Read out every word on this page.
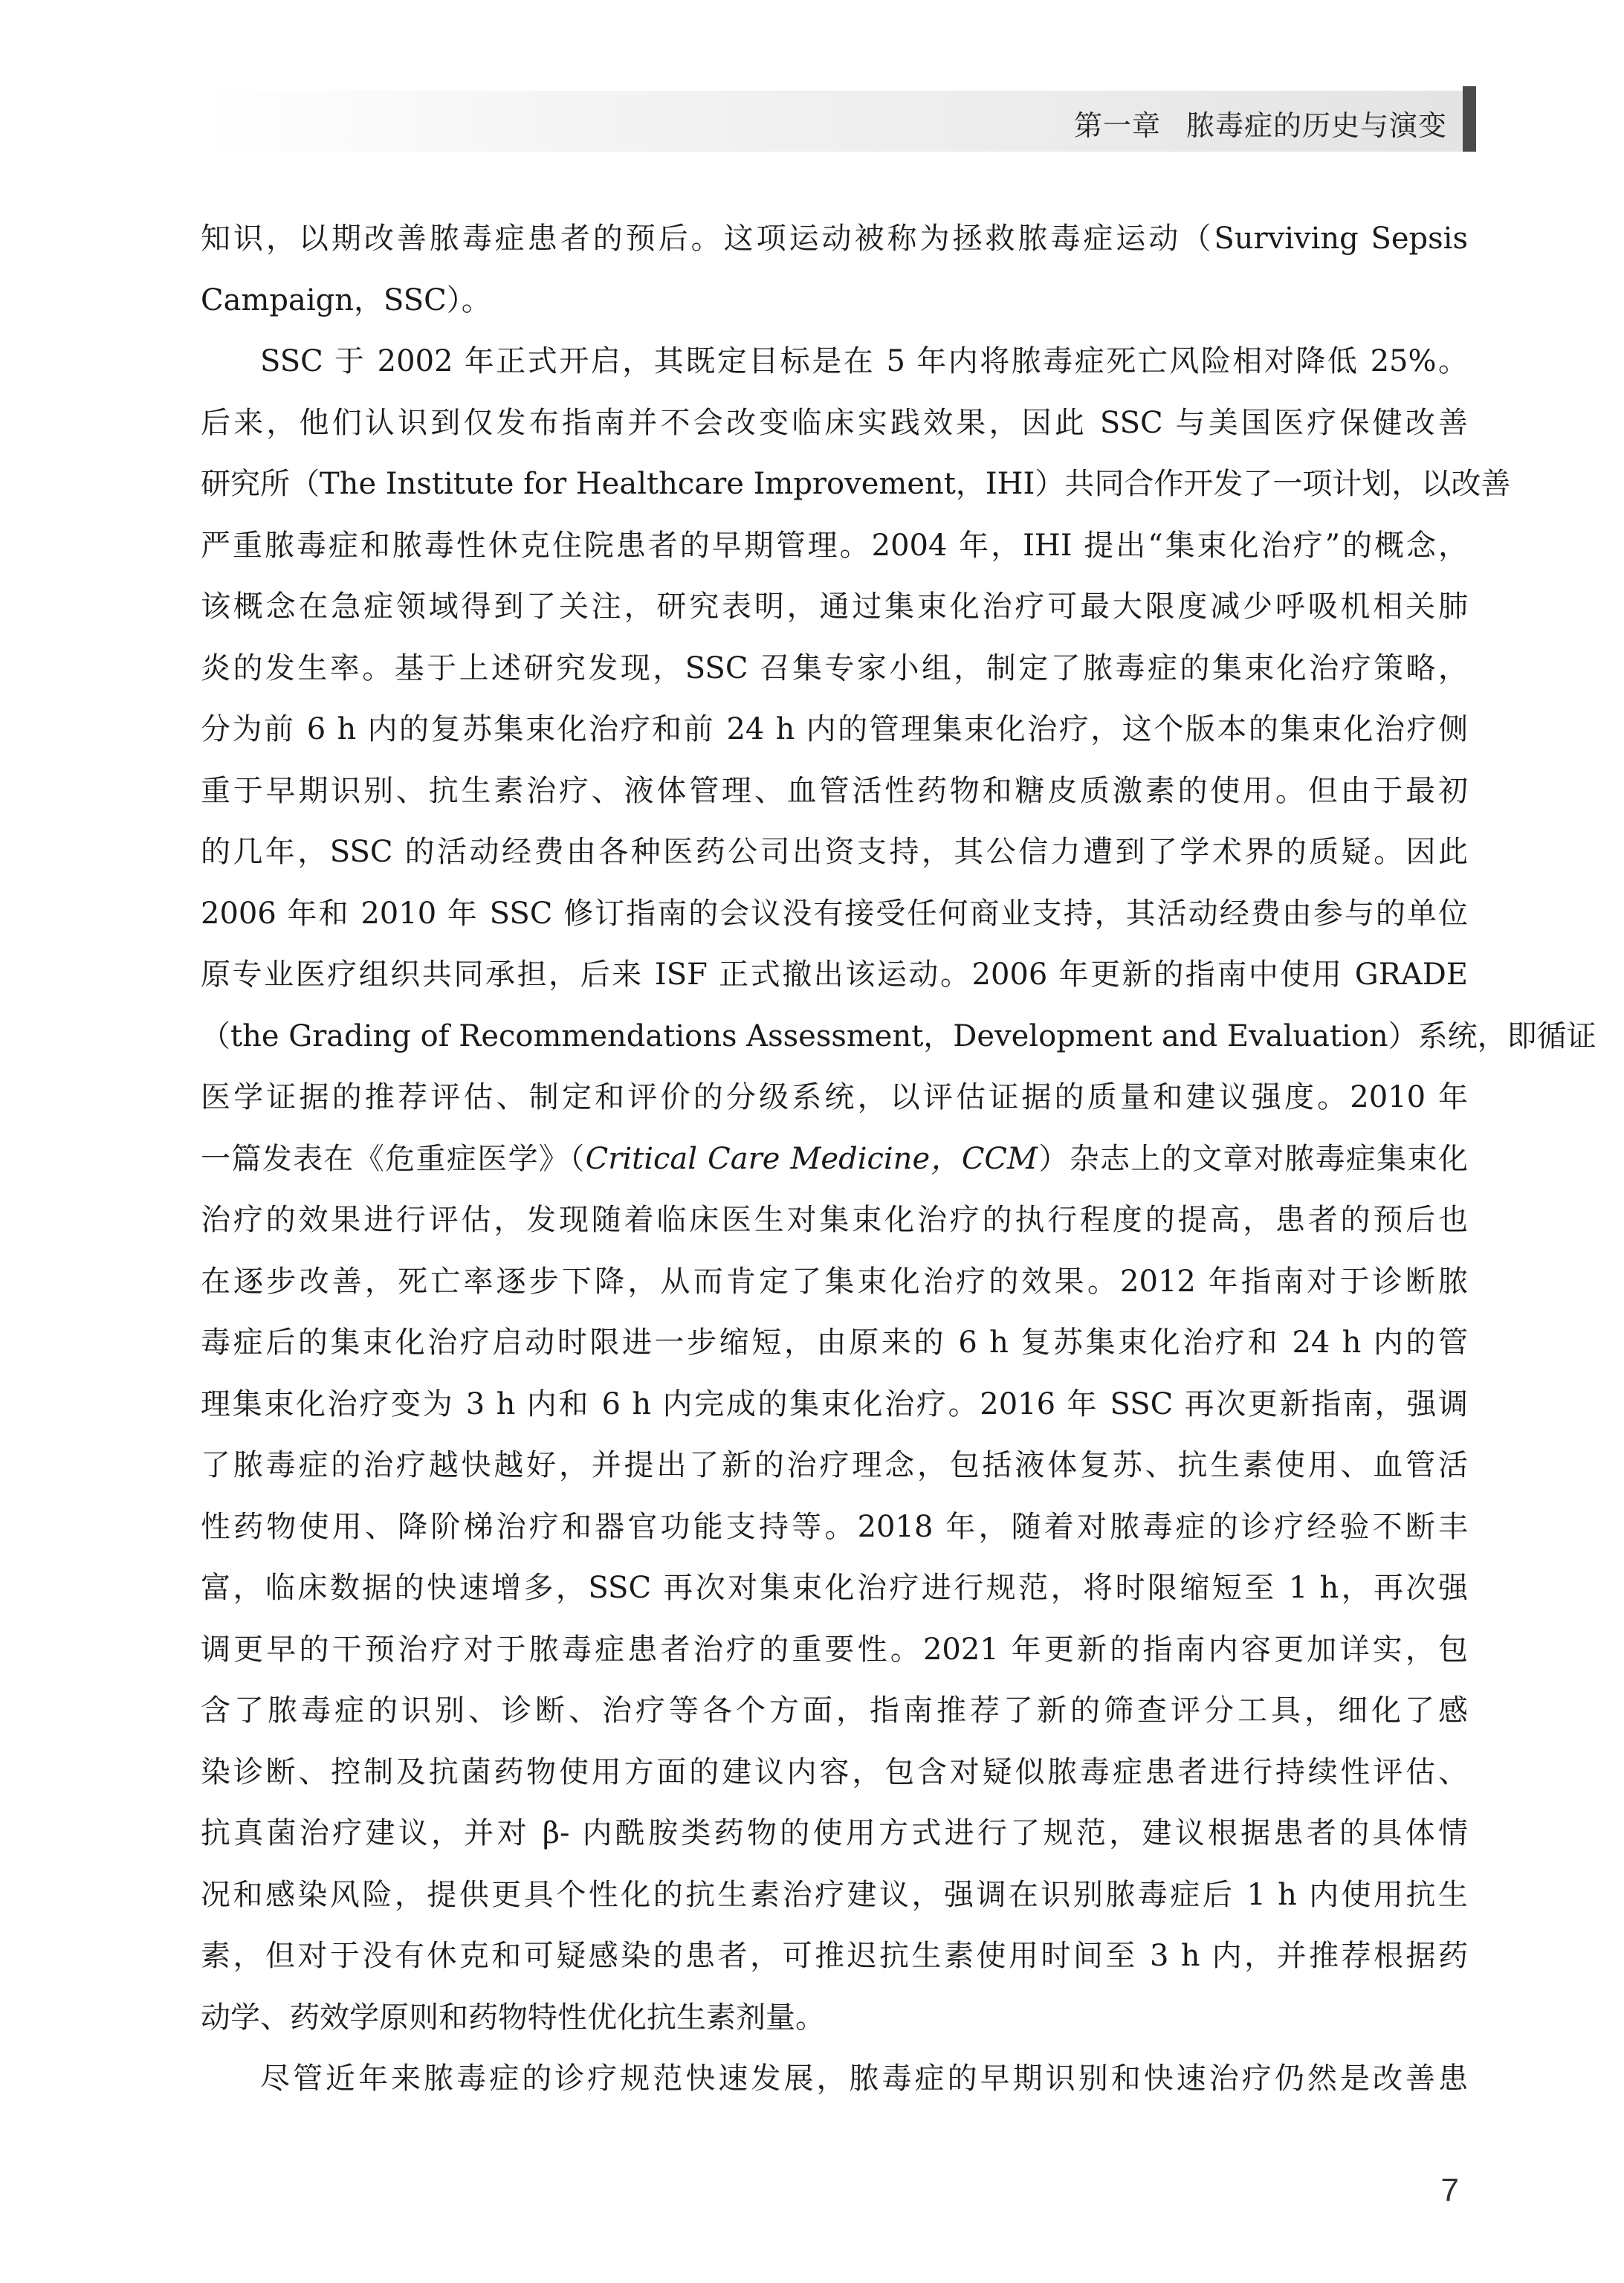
第一章 脓毒症的历史与演变
知识，以期改善脓毒症患者的预后。这项运动被称为拯救脓毒症运动（Surviving Sepsis
Campaign，SSC）。
SSC 于 2002 年正式开启，其既定目标是在 5 年内将脓毒症死亡风险相对降低 25%。
后来，他们认识到仅发布指南并不会改变临床实践效果，因此 SSC 与美国医疗保健改善
研究所（The Institute for Healthcare Improvement，IHI）共同合作开发了一项计划，以改善
严重脓毒症和脓毒性休克住院患者的早期管理。2004 年，IHI 提出“集束化治疗”的概念，
该概念在急症领域得到了关注，研究表明，通过集束化治疗可最大限度减少呼吸机相关肺
炎的发生率。基于上述研究发现，SSC 召集专家小组，制定了脓毒症的集束化治疗策略，
分为前 6 h 内的复苏集束化治疗和前 24 h 内的管理集束化治疗，这个版本的集束化治疗侧
重于早期识别、抗生素治疗、液体管理、血管活性药物和糖皮质激素的使用。但由于最初
的几年，SSC 的活动经费由各种医药公司出资支持，其公信力遭到了学术界的质疑。因此
2006 年和 2010 年 SSC 修订指南的会议没有接受任何商业支持，其活动经费由参与的单位
原专业医疗组织共同承担，后来 ISF 正式撤出该运动。2006 年更新的指南中使用 GRADE
（the Grading of Recommendations Assessment，Development and Evaluation）系统，即循证
医学证据的推荐评估、制定和评价的分级系统，以评估证据的质量和建议强度。2010 年
一篇发表在《危重症医学》（Critical Care Medicine，CCM）杂志上的文章对脓毒症集束化
治疗的效果进行评估，发现随着临床医生对集束化治疗的执行程度的提高，患者的预后也
在逐步改善，死亡率逐步下降，从而肯定了集束化治疗的效果。2012 年指南对于诊断脓
毒症后的集束化治疗启动时限进一步缩短，由原来的 6 h 复苏集束化治疗和 24 h 内的管
理集束化治疗变为 3 h 内和 6 h 内完成的集束化治疗。2016 年 SSC 再次更新指南，强调
了脓毒症的治疗越快越好，并提出了新的治疗理念，包括液体复苏、抗生素使用、血管活
性药物使用、降阶梯治疗和器官功能支持等。2018 年，随着对脓毒症的诊疗经验不断丰
富，临床数据的快速增多，SSC 再次对集束化治疗进行规范，将时限缩短至 1 h，再次强
调更早的干预治疗对于脓毒症患者治疗的重要性。2021 年更新的指南内容更加详实，包
含了脓毒症的识别、诊断、治疗等各个方面，指南推荐了新的筛查评分工具，细化了感
染诊断、控制及抗菌药物使用方面的建议内容，包含对疑似脓毒症患者进行持续性评估、
抗真菌治疗建议，并对 β- 内酰胺类药物的使用方式进行了规范，建议根据患者的具体情
况和感染风险，提供更具个性化的抗生素治疗建议，强调在识别脓毒症后 1 h 内使用抗生
素，但对于没有休克和可疑感染的患者，可推迟抗生素使用时间至 3 h 内，并推荐根据药
动学、药效学原则和药物特性优化抗生素剂量。
尽管近年来脓毒症的诊疗规范快速发展，脓毒症的早期识别和快速治疗仍然是改善患
7
